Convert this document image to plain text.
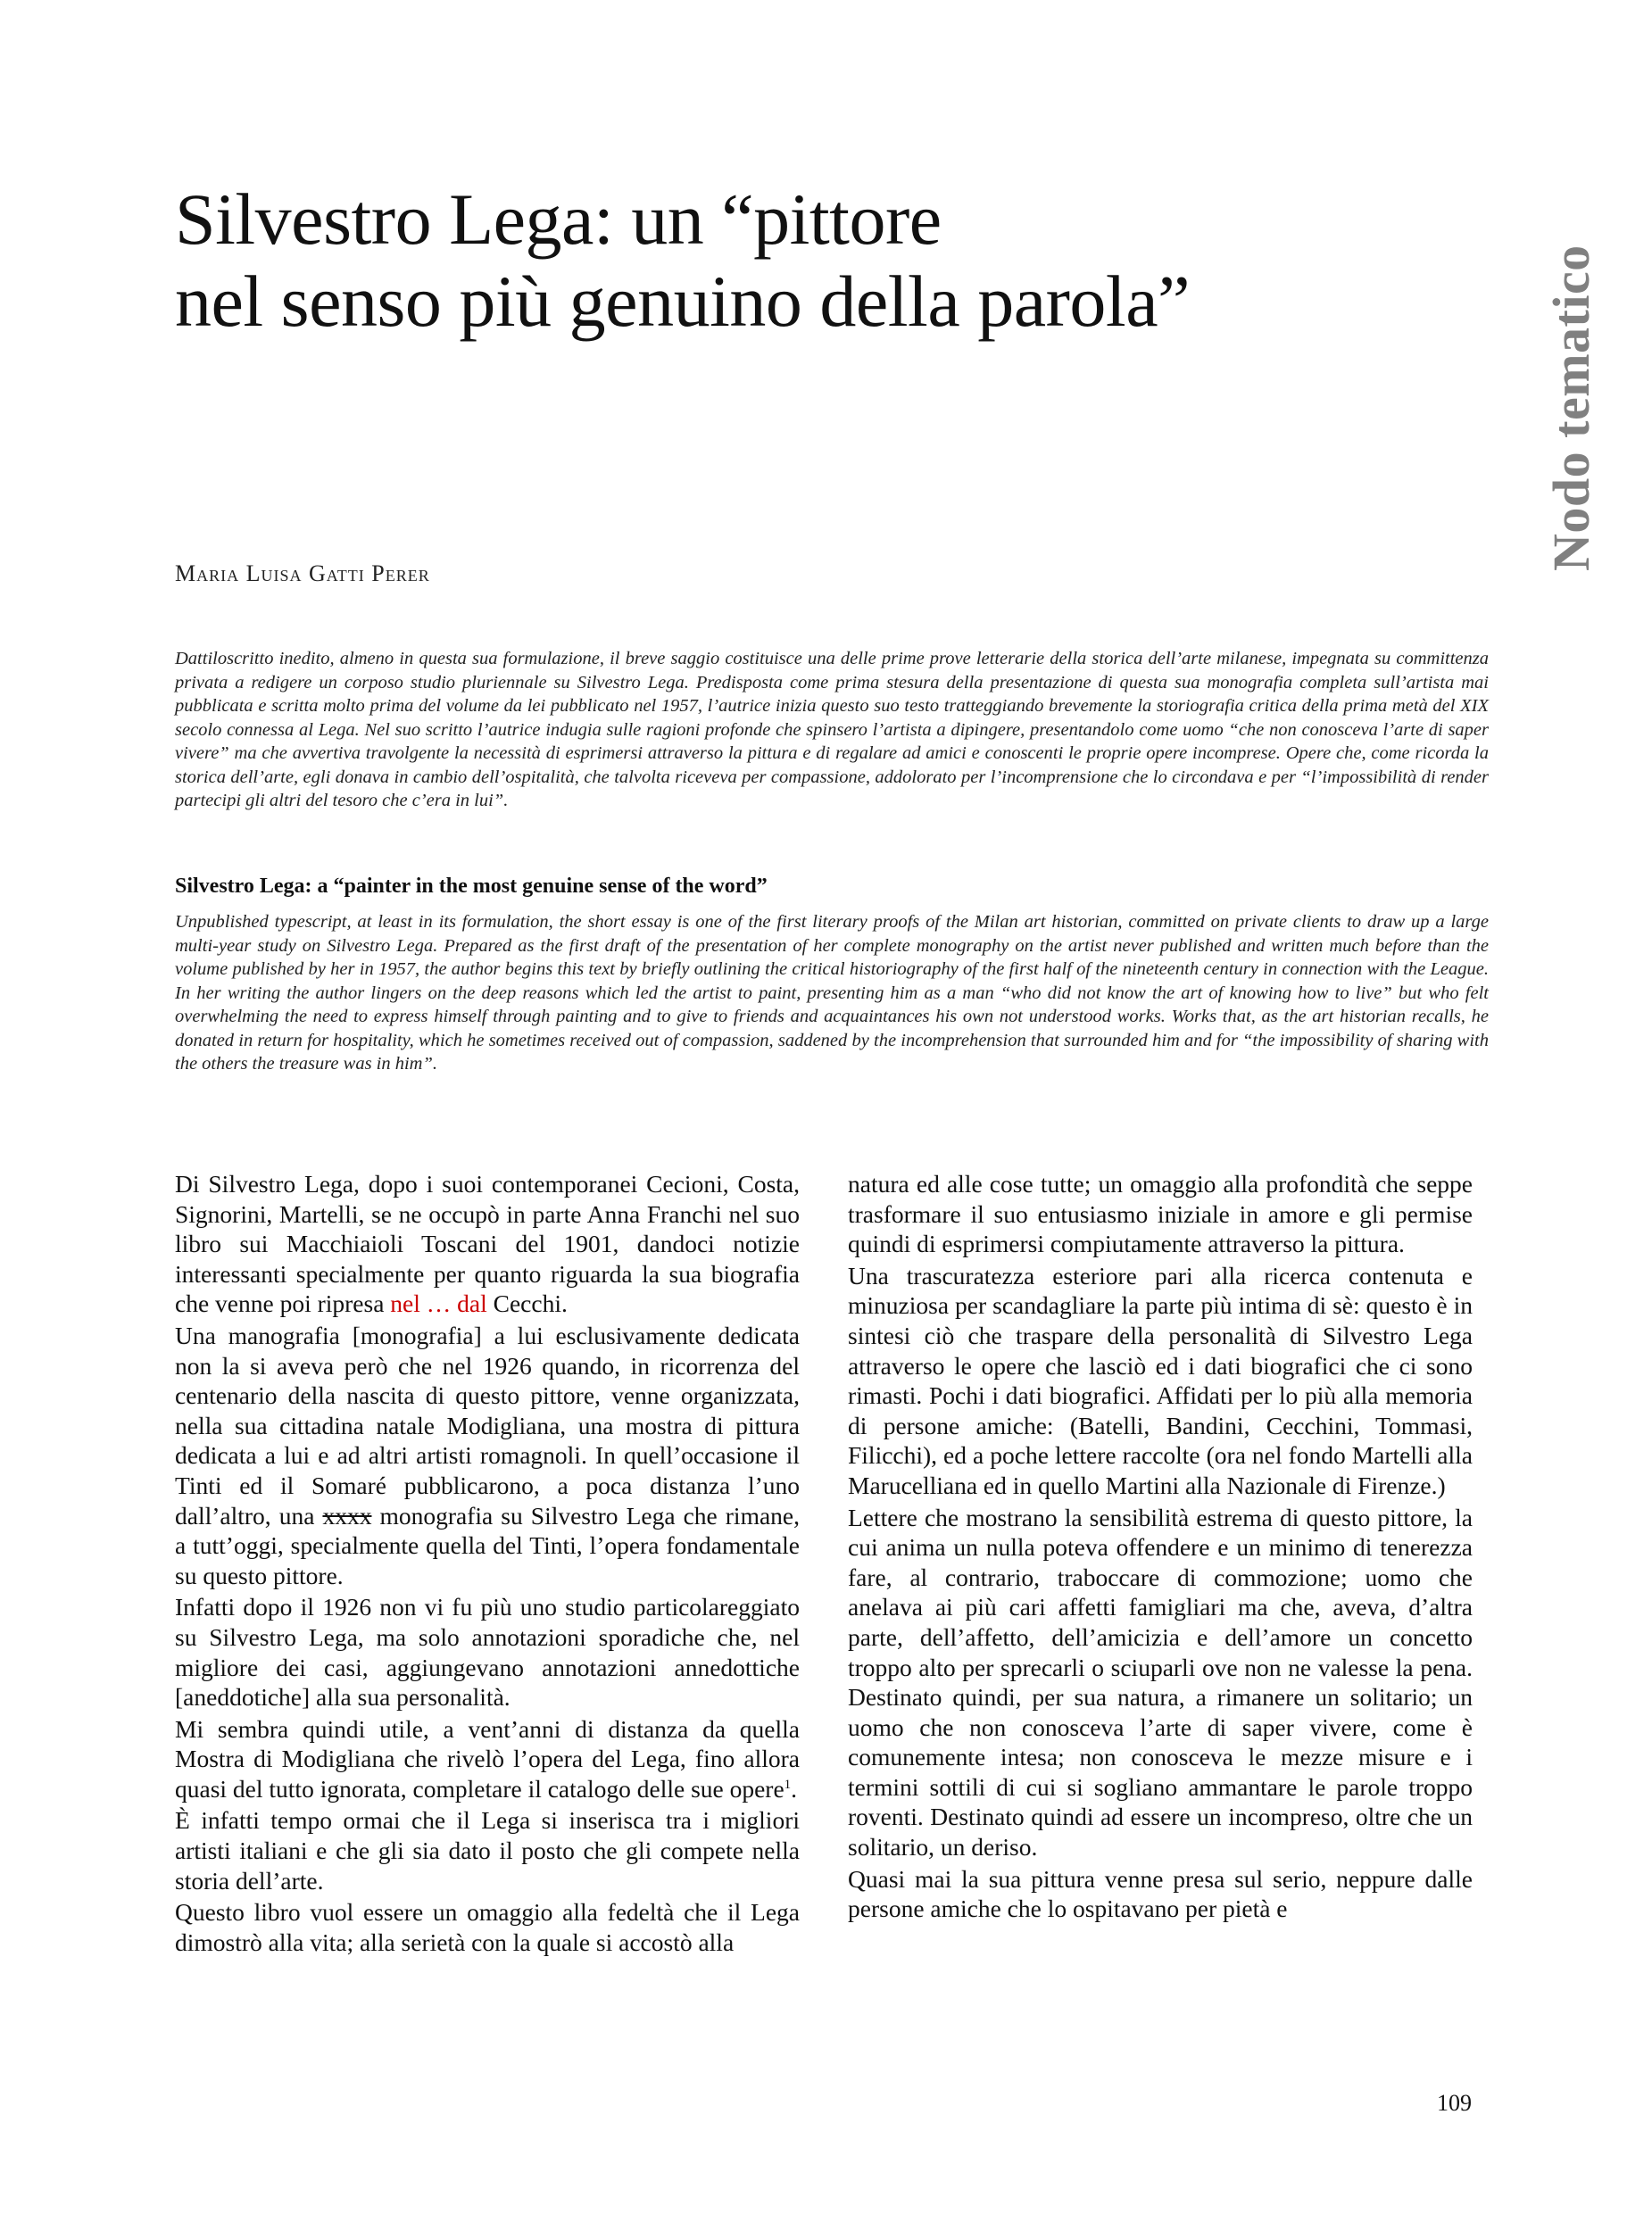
Silvestro Lega: un “pittore
nel senso più genuino della parola”	Nodo tematico
Maria Luisa Gatti Perer

Dattiloscritto inedito, almeno in questa sua formulazione, il breve saggio costituisce una delle prime prove letterarie della storica dell’arte milanese, impegnata su committenza privata a redigere un corposo studio pluriennale su Silvestro Lega. Predisposta come prima stesura della presentazione di questa sua monografia completa sull’artista mai pubblicata e scritta molto prima del volume da lei pubblicato nel 1957, l’autrice inizia questo suo testo tratteggiando brevemente la storiografia critica della prima metà del XIX secolo connessa al Lega. Nel suo scritto l’autrice indugia sulle ragioni profonde che spinsero l’artista a dipingere, presentandolo come uomo “che non conosceva l’arte di saper vivere” ma che avvertiva travolgente la necessità di esprimersi attraverso la pittura e di regalare ad amici e conoscenti le proprie opere incomprese. Opere che, come ricorda la storica dell’arte, egli donava in cambio dell’ospitalità, che talvolta riceveva per compassione, addolorato per l’incomprensione che lo circondava e per “l’impossibilità di render partecipi gli altri del tesoro che c’era in lui”.

Silvestro Lega: a “painter in the most genuine sense of the word”

Unpublished typescript, at least in its formulation, the short essay is one of the first literary proofs of the Milan art historian, committed on private clients to draw up a large multi-year study on Silvestro Lega. Prepared as the first draft of the presentation of her complete monography on the artist never published and written much before than the volume published by her in 1957, the author begins this text by briefly outlining the critical historiography of the first half of the nineteenth century in connection with the League. In her writing the author lingers on the deep reasons which led the artist to paint, presenting him as a man “who did not know the art of knowing how to live” but who felt overwhelming the need to express himself through painting and to give to friends and acquaintances his own not understood works. Works that, as the art historian recalls, he donated in return for hospitality, which he sometimes received out of compassion, saddened by the incomprehension that surrounded him and for “the impossibility of sharing with the others the treasure was in him”.

Di Silvestro Lega, dopo i suoi contemporanei Cecioni, Costa, Signorini, Martelli, se ne occupò in parte Anna Franchi nel suo libro sui Macchiaioli Toscani del 1901, dandoci notizie interessanti specialmente per quanto riguarda la sua biografia che venne poi ripresa nel … dal Cecchi.

Una manografia [monografia] a lui esclusivamente dedicata non la si aveva però che nel 1926 quando, in ricorrenza del centenario della nascita di questo pittore, venne organizzata, nella sua cittadina natale Modigliana, una mostra di pittura dedicata a lui e ad altri artisti romagnoli. In quell’occasione il Tinti ed il Somaré pubblicarono, a poca distanza l’uno dall’altro, una xxxx monografia su Silvestro Lega che rimane, a tutt’oggi, specialmente quella del Tinti, l’opera fondamentale su questo pittore.

Infatti dopo il 1926 non vi fu più uno studio particolareggiato su Silvestro Lega, ma solo annotazioni sporadiche che, nel migliore dei casi, aggiungevano annotazioni annedottiche [aneddotiche] alla sua personalità.

Mi sembra quindi utile, a vent’anni di distanza da quella Mostra di Modigliana che rivelò l’opera del Lega, fino allora quasi del tutto ignorata, completare il catalogo delle sue opere$^1$.

È infatti tempo ormai che il Lega si inserisca tra i migliori artisti italiani e che gli sia dato il posto che gli compete nella storia dell’arte.

Questo libro vuol essere un omaggio alla fedeltà che il Lega dimostrò alla vita; alla serietà con la quale si accostò alla

natura ed alle cose tutte; un omaggio alla profondità che seppe trasformare il suo entusiasmo iniziale in amore e gli permise quindi di esprimersi compiutamente attraverso la pittura.

Una trascuratezza esteriore pari alla ricerca contenuta e minuziosa per scandagliare la parte più intima di sè: questo è in sintesi ciò che traspare della personalità di Silvestro Lega attraverso le opere che lasciò ed i dati biografici che ci sono rimasti. Pochi i dati biografici. Affidati per lo più alla memoria di persone amiche: (Batelli, Bandini, Cecchini, Tommasi, Filicchi), ed a poche lettere raccolte (ora nel fondo Martelli alla Marucelliana ed in quello Martini alla Nazionale di Firenze.)

Lettere che mostrano la sensibilità estrema di questo pittore, la cui anima un nulla poteva offendere e un minimo di tenerezza fare, al contrario, traboccare di commozione; uomo che anelava ai più cari affetti famigliari ma che, aveva, d’altra parte, dell’affetto, dell’amicizia e dell’amore un concetto troppo alto per sprecarli o sciuparli ove non ne valesse la pena. Destinato quindi, per sua natura, a rimanere un solitario; un uomo che non conosceva l’arte di saper vivere, come è comunemente intesa; non conosceva le mezze misure e i termini sottili di cui si sogliano ammantare le parole troppo roventi. Destinato quindi ad essere un incompreso, oltre che un solitario, un deriso.

Quasi mai la sua pittura venne presa sul serio, neppure dalle persone amiche che lo ospitavano per pietà e

109
